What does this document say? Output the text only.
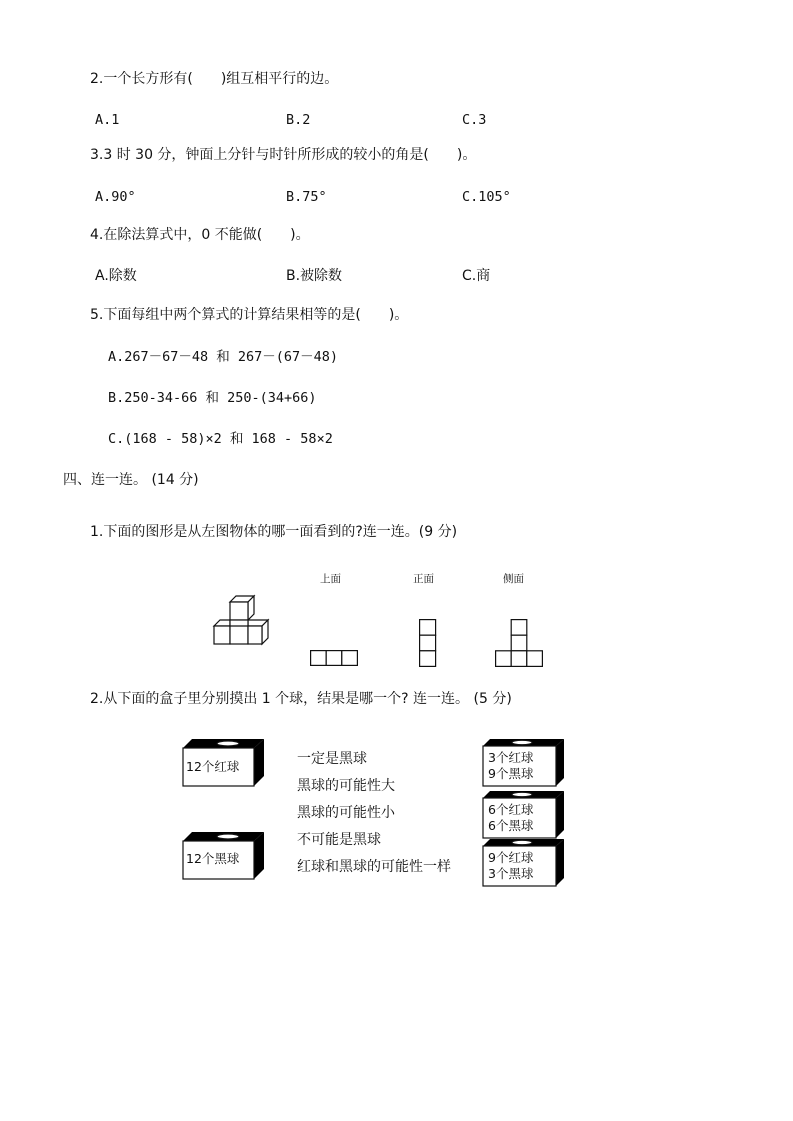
2.一个长方形有(　　)组互相平行的边。
A.1	B.2	C.3
3.3 时 30 分，钟面上分针与时针所形成的较小的角是(　　)。
A.90°	B.75°	C.105°
4.在除法算式中，0 不能做(　　)。
A.除数	B.被除数	C.商
5.下面每组中两个算式的计算结果相等的是(　　)。
A.267－67－48 和 267－(67－48)
B.250-34-66 和 250-(34+66)
C.(168 - 58)×2 和 168 - 58×2
四、连一连。 (14 分)
1.下面的图形是从左图物体的哪一面看到的?连一连。(9 分)
上面	正面	侧面
2.从下面的盒子里分别摸出 1 个球，结果是哪一个? 连一连。 (5 分)
12个红球
12个黑球
一定是黑球
黑球的可能性大
黑球的可能性小
不可能是黑球
红球和黑球的可能性一样
3个红球
9个黑球
6个红球
6个黑球
9个红球
3个黑球
